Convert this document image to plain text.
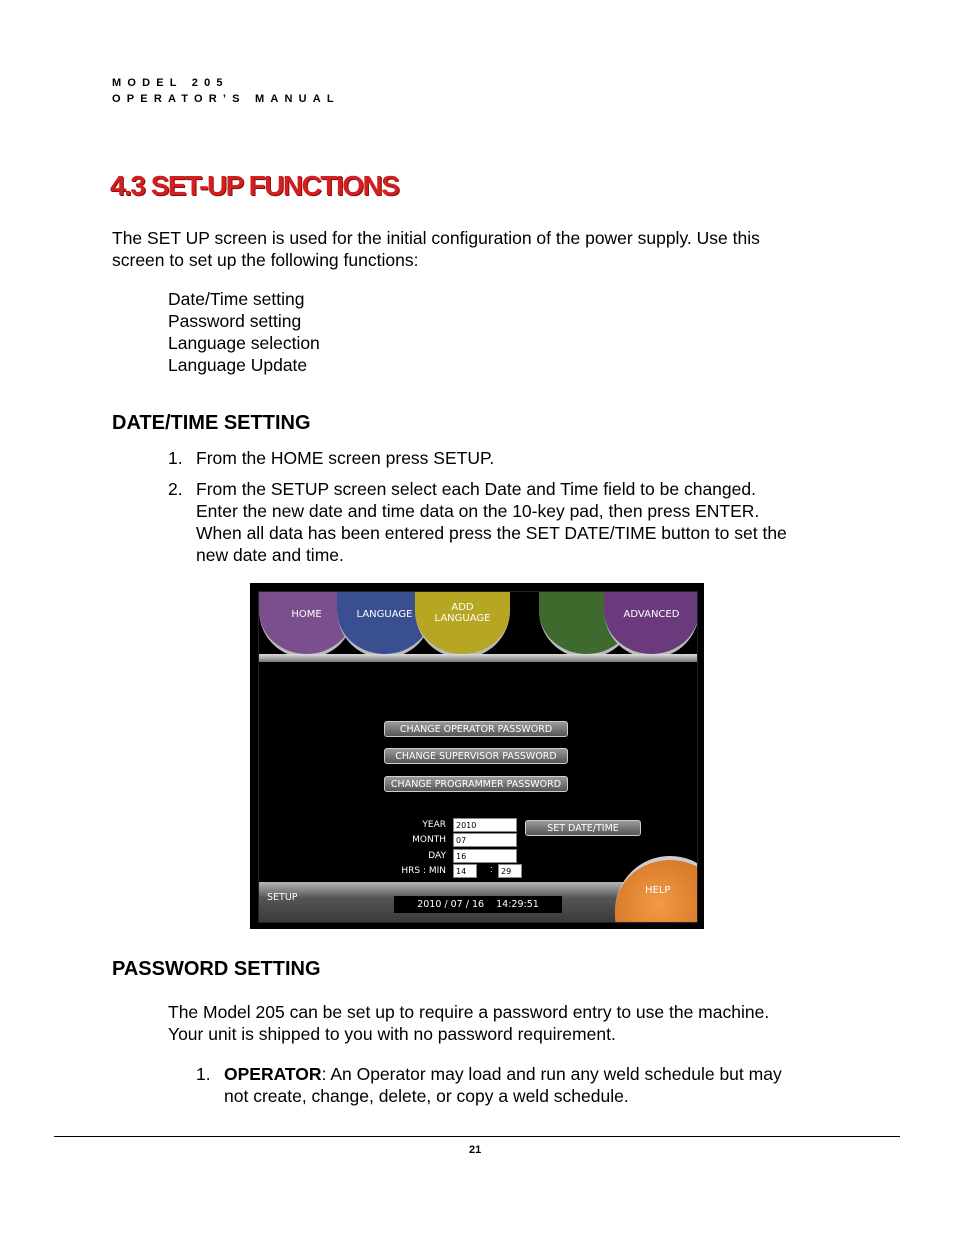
MODEL 205
OPERATOR’S MANUAL
4.3 SET-UP FUNCTIONS
The SET UP screen is used for the initial configuration of the power supply. Use this
screen to set up the following functions:
Date/Time setting
Password setting
Language selection
Language Update
DATE/TIME SETTING
1. From the HOME screen press SETUP.
2. From the SETUP screen select each Date and Time field to be changed.
Enter the new date and time data on the 10-key pad, then press ENTER.
When all data has been entered press the SET DATE/TIME button to set the
new date and time.
HOME	LANGUAGE
ADD
LANGUAGE	ADVANCED
CHANGE OPERATOR PASSWORD
CHANGE SUPERVISOR PASSWORD
CHANGE PROGRAMMER PASSWORD
YEAR	2010
MONTH	07
DAY	16
HRS : MIN	14	:	29
SET DATE/TIME
SETUP
2010 / 07 / 16    14:29:51
HELP
PASSWORD SETTING
The Model 205 can be set up to require a password entry to use the machine.
Your unit is shipped to you with no password requirement.
1. OPERATOR: An Operator may load and run any weld schedule but may
not create, change, delete, or copy a weld schedule.
21
